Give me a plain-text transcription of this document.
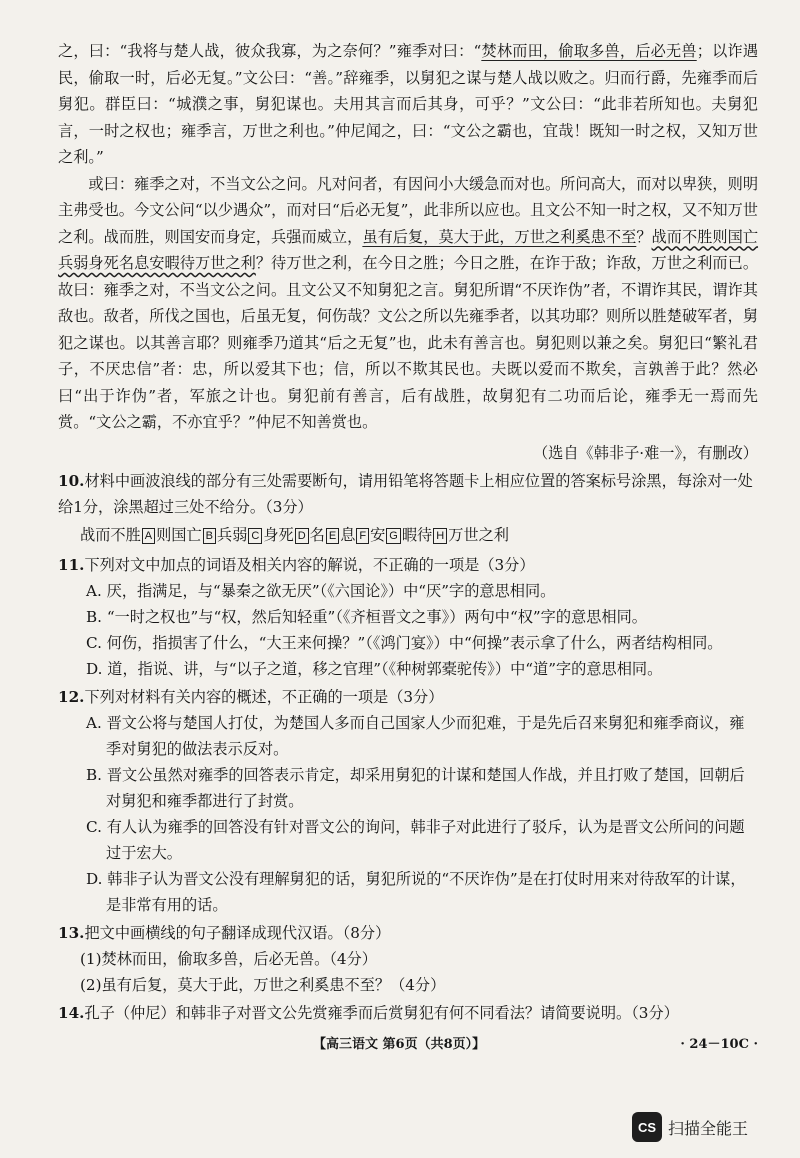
之，曰：“我将与楚人战，彼众我寡，为之奈何？”雍季对曰：“焚林而田，偷取多兽，后必无兽；以诈遇民，偷取一时，后必无复。”文公曰：“善。”辞雍季，以舅犯之谋与楚人战以败之。归而行爵，先雍季而后舅犯。群臣曰：“城濮之事，舅犯谋也。夫用其言而后其身，可乎？”文公曰：“此非若所知也。夫舅犯言，一时之权也；雍季言，万世之利也。”仲尼闻之，曰：“文公之霸也，宜哉！既知一时之权，又知万世之利。”

或曰：雍季之对，不当文公之问。凡对问者，有因问小大缓急而对也。所问高大，而对以卑狭，则明主弗受也。今文公问“以少遇众”，而对曰“后必无复”，此非所以应也。且文公不知一时之权，又不知万世之利。战而胜，则国安而身定，兵强而威立，虽有后复，莫大于此，万世之利奚患不至？战而不胜则国亡兵弱身死名息安暇待万世之利？待万世之利，在今日之胜；今日之胜，在诈于敌；诈敌，万世之利而已。故曰：雍季之对，不当文公之问。且文公又不知舅犯之言。舅犯所谓“不厌诈伪”者，不谓诈其民，谓诈其敌也。敌者，所伐之国也，后虽无复，何伤哉？文公之所以先雍季者，以其功耶？则所以胜楚破军者，舅犯之谋也。以其善言耶？则雍季乃道其“后之无复”也，此未有善言也。舅犯则以兼之矣。舅犯曰“繁礼君子，不厌忠信”者：忠，所以爱其下也；信，所以不欺其民也。夫既以爱而不欺矣，言孰善于此？然必曰“出于诈伪”者，军旅之计也。舅犯前有善言，后有战胜，故舅犯有二功而后论，雍季无一焉而先赏。“文公之霸，不亦宜乎？”仲尼不知善赏也。

（选自《韩非子·难一》，有删改）

10.材料中画波浪线的部分有三处需要断句，请用铅笔将答题卡上相应位置的答案标号涂黑，每涂对一处给1分，涂黑超过三处不给分。（3分）

战而不胜 A 则国亡 B 兵弱 C 身死 D 名 E 息 F 安 G 暇待 H 万世之利

11.下列对文中加点的词语及相关内容的解说，不正确的一项是（3分）

A. 厌，指满足，与“暴秦之欲无厌”（《六国论》）中“厌”字的意思相同。

B. “一时之权也”与“权，然后知轻重”（《齐桓晋文之事》）两句中“权”字的意思相同。

C. 何伤，指损害了什么，“大王来何操？”（《鸿门宴》）中“何操”表示拿了什么，两者结构相同。

D. 道，指说、讲，与“以子之道，移之官理”（《种树郭橐驼传》）中“道”字的意思相同。

12.下列对材料有关内容的概述，不正确的一项是（3分）

A. 晋文公将与楚国人打仗，为楚国人多而自己国家人少而犯难，于是先后召来舅犯和雍季商议，雍季对舅犯的做法表示反对。

B. 晋文公虽然对雍季的回答表示肯定，却采用舅犯的计谋和楚国人作战，并且打败了楚国，回朝后对舅犯和雍季都进行了封赏。

C. 有人认为雍季的回答没有针对晋文公的询问，韩非子对此进行了驳斥，认为是晋文公所问的问题过于宏大。

D. 韩非子认为晋文公没有理解舅犯的话，舅犯所说的“不厌诈伪”是在打仗时用来对待敌军的计谋，是非常有用的话。

13.把文中画横线的句子翻译成现代汉语。（8分）

(1)焚林而田，偷取多兽，后必无兽。（4分）

(2)虽有后复，莫大于此，万世之利奚患不至？（4分）

14.孔子（仲尼）和韩非子对晋文公先赏雍季而后赏舅犯有何不同看法？请简要说明。（3分）

【高三语文 第6页（共8页）】	· 24－10C ·
CS 扫描全能王
